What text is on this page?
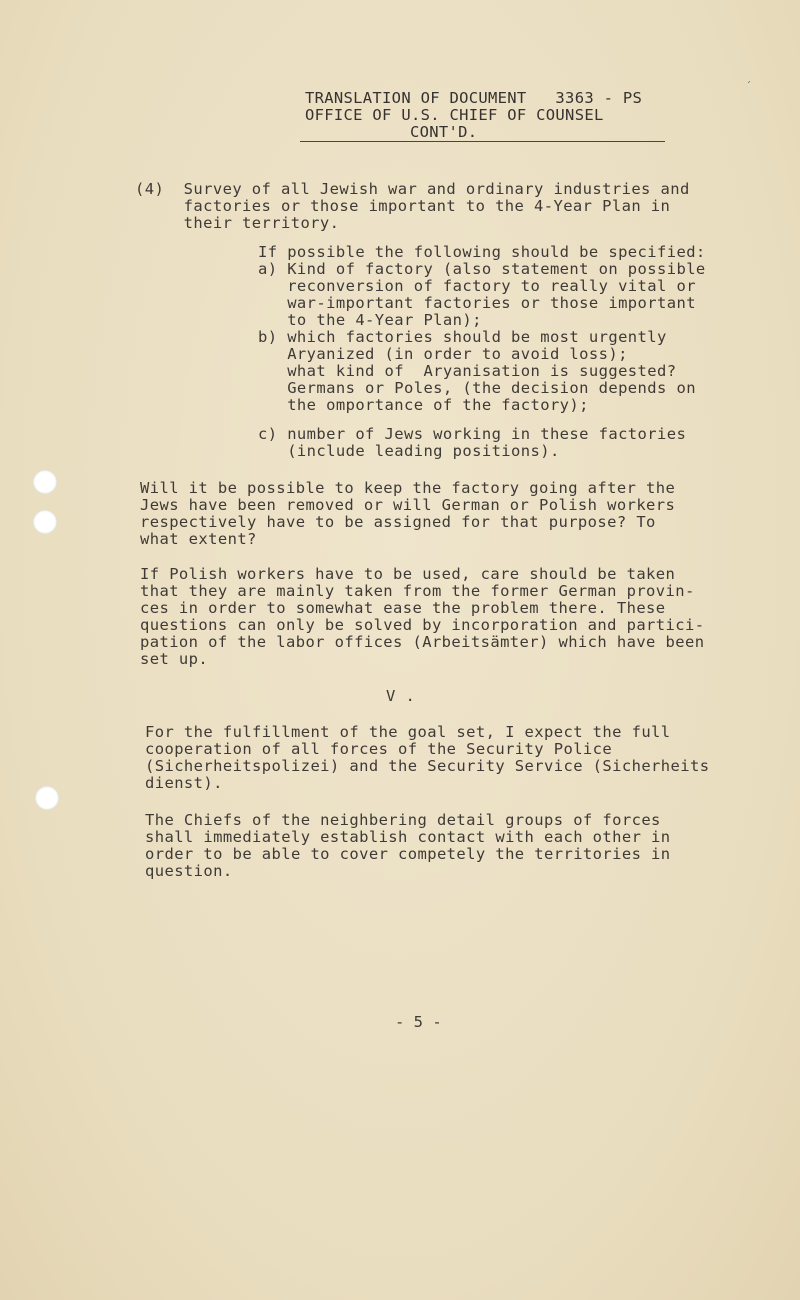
ˏ
TRANSLATION OF DOCUMENT   3363 - PS
OFFICE OF U.S. CHIEF OF COUNSEL
CONT'D.
(4)  Survey of all Jewish war and ordinary industries and
factories or those important to the 4-Year Plan in
their territory.
If possible the following should be specified:
a) Kind of factory (also statement on possible
reconversion of factory to really vital or
war-important factories or those important
to the 4-Year Plan);
b) which factories should be most urgently
Aryanized (in order to avoid loss);
what kind of  Aryanisation is suggested?
Germans or Poles, (the decision depends on
the omportance of the factory);
c) number of Jews working in these factories
(include leading positions).
Will it be possible to keep the factory going after the
Jews have been removed or will German or Polish workers
respectively have to be assigned for that purpose? To
what extent?
If Polish workers have to be used, care should be taken
that they are mainly taken from the former German provin-
ces in order to somewhat ease the problem there. These
questions can only be solved by incorporation and partici-
pation of the labor offices (Arbeitsämter) which have been
set up.
V .
For the fulfillment of the goal set, I expect the full
cooperation of all forces of the Security Police
(Sicherheitspolizei) and the Security Service (Sicherheits
dienst).
The Chiefs of the neighbering detail groups of forces
shall immediately establish contact with each other in
order to be able to cover competely the territories in
question.
- 5 -
